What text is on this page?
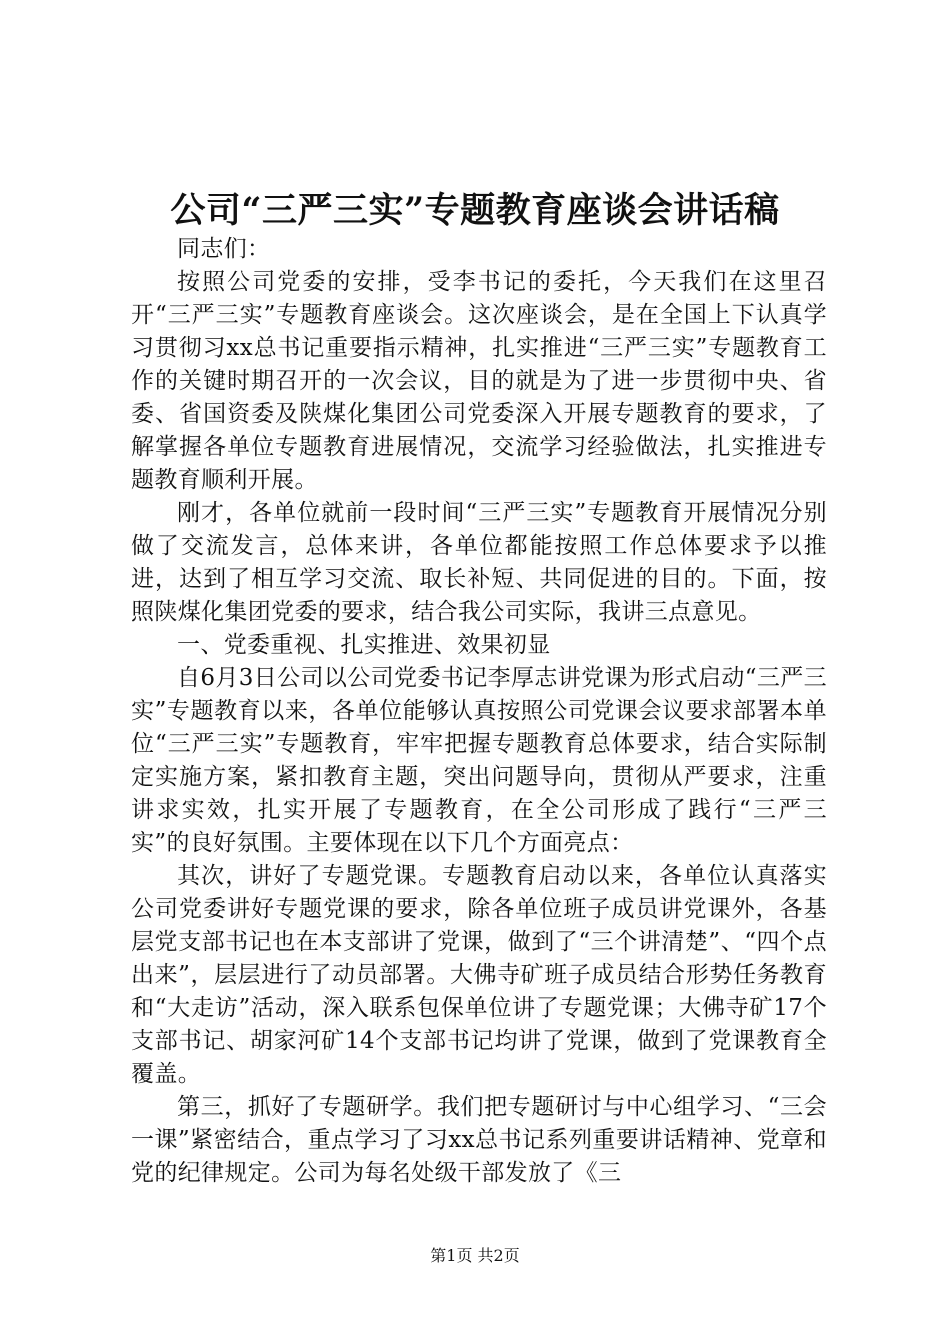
公司“三严三实”专题教育座谈会讲话稿

同志们：

按照公司党委的安排，受李书记的委托，今天我们在这里召开“三严三实”专题教育座谈会。这次座谈会，是在全国上下认真学习贯彻习xx总书记重要指示精神，扎实推进“三严三实”专题教育工作的关键时期召开的一次会议，目的就是为了进一步贯彻中央、省委、省国资委及陕煤化集团公司党委深入开展专题教育的要求，了解掌握各单位专题教育进展情况，交流学习经验做法，扎实推进专题教育顺利开展。

刚才，各单位就前一段时间“三严三实”专题教育开展情况分别做了交流发言，总体来讲，各单位都能按照工作总体要求予以推进，达到了相互学习交流、取长补短、共同促进的目的。下面，按照陕煤化集团党委的要求，结合我公司实际，我讲三点意见。

一、党委重视、扎实推进、效果初显

自6月3日公司以公司党委书记李厚志讲党课为形式启动“三严三实”专题教育以来，各单位能够认真按照公司党课会议要求部署本单位“三严三实”专题教育，牢牢把握专题教育总体要求，结合实际制定实施方案，紧扣教育主题，突出问题导向，贯彻从严要求，注重讲求实效，扎实开展了专题教育，在全公司形成了践行“三严三实”的良好氛围。主要体现在以下几个方面亮点：

其次，讲好了专题党课。专题教育启动以来，各单位认真落实公司党委讲好专题党课的要求，除各单位班子成员讲党课外，各基层党支部书记也在本支部讲了党课，做到了“三个讲清楚”、“四个点出来”，层层进行了动员部署。大佛寺矿班子成员结合形势任务教育和“大走访”活动，深入联系包保单位讲了专题党课；大佛寺矿17个支部书记、胡家河矿14个支部书记均讲了党课，做到了党课教育全覆盖。

第三，抓好了专题研学。我们把专题研讨与中心组学习、“三会一课”紧密结合，重点学习了习xx总书记系列重要讲话精神、党章和党的纪律规定。公司为每名处级干部发放了《三

第1页 共2页
